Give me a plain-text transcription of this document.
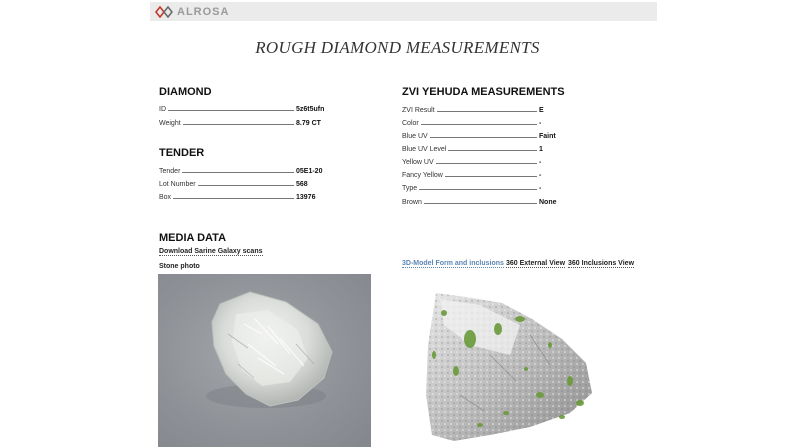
ALROSA
ROUGH DIAMOND MEASUREMENTS
DIAMOND
ID	5z6t5ufn
Weight	8.79 CT
TENDER
Tender	05E1-20
Lot Number	568
Box	13976
ZVI YEHUDA MEASUREMENTS
ZVI Result	E
Color	-
Blue UV	Faint
Blue UV Level	1
Yellow UV	-
Fancy Yellow	-
Type	-
Brown	None
MEDIA DATA
Download Sarine Galaxy scans
Stone photo	3D-Model Form and inclusions 360 External View 360 Inclusions View
